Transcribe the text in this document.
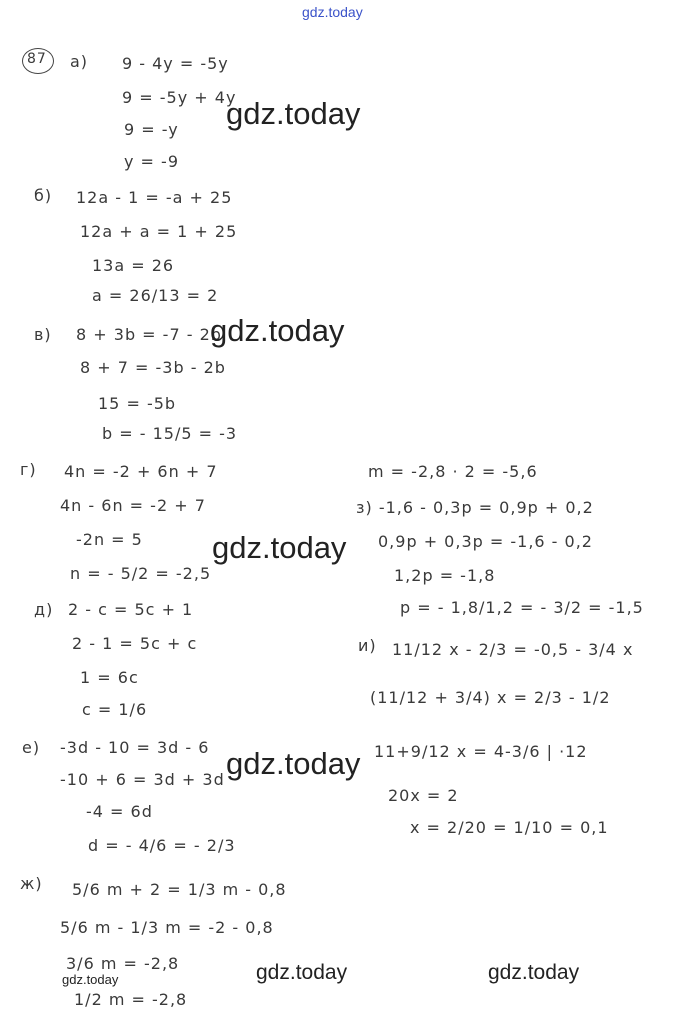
gdz.today
87 a) 9 - 4y = -5y
9 = -5y + 4y
9 = -y
y = -9
б) 12a - 1 = -a + 25
12a + a = 1 + 25
13a = 26
a = 26/13 = 2
в) 8 + 3b = -7 - 2b
8 + 7 = -3b - 2b
15 = -5b
b = - 15/5 = -3
г) 4n = -2 + 6n + 7
4n - 6n = -2 + 7
-2n = 5
n = - 5/2 = -2,5
д) 2 - c = 5c + 1
2 - 1 = 5c + c
1 = 6c
c = 1/6
е) -3d - 10 = 3d - 6
-10 + 6 = 3d + 3d
-4 = 6d
d = - 4/6 = - 2/3
ж) 5/6 m + 2 = 1/3 m - 0,8
5/6 m - 1/3 m = -2 - 0,8
3/6 m = -2,8
1/2 m = -2,8
m = -2,8 · 2 = -5,6
з) -1,6 - 0,3p = 0,9p + 0,2
0,9p + 0,3p = -1,6 - 0,2
1,2p = -1,8
p = - 1,8/1,2 = - 3/2 = -1,5
и) 11/12 x - 2/3 = -0,5 - 3/4 x
(11/12 + 3/4) x = 2/3 - 1/2
11+9/12 x = 4-3/6 | ·12
20x = 2
x = 2/20 = 1/10 = 0,1
gdz.today
gdz.today
gdz.today
gdz.today
gdz.today	gdz.today
gdz.today
